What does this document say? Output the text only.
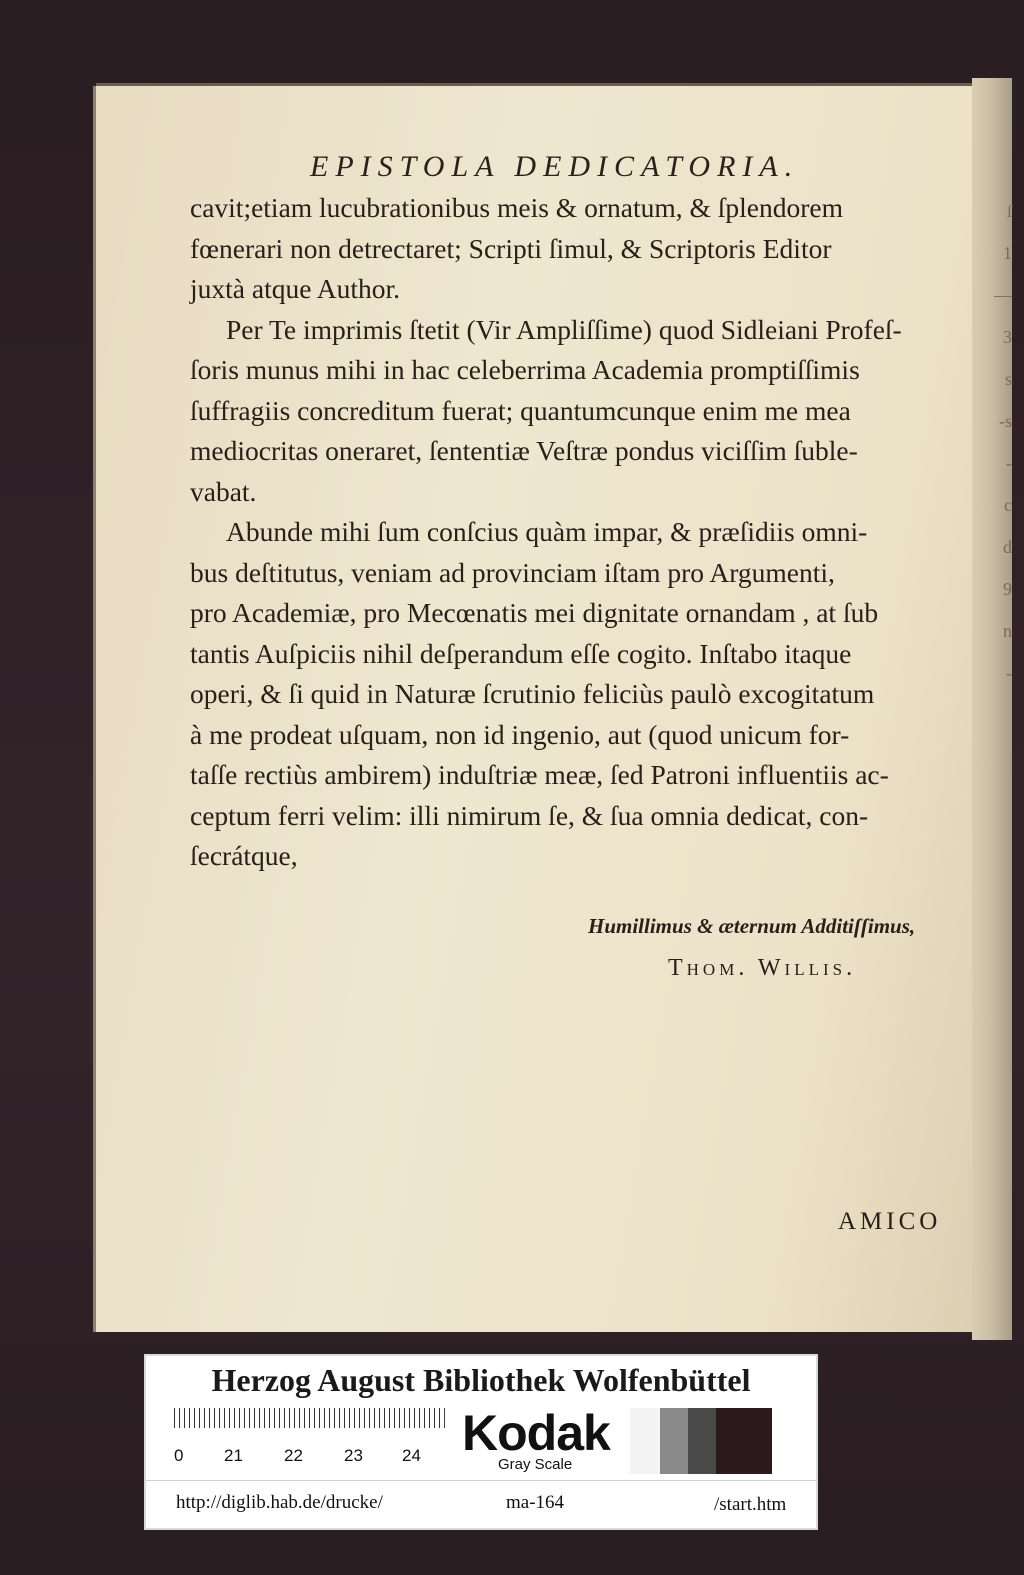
ſ
1
—
3
s
-s
-
c
d
9
n
-
EPISTOLA DEDICATORIA.
cavit;etiam lucubrationibus meis & ornatum, & ſplendorem
fœnerari non detrectaret; Scripti ſimul, & Scriptoris Editor
juxtà atque Author.
Per Te imprimis ſtetit (Vir Ampliſſime) quod Sidleiani Profeſ-
ſoris munus mihi in hac celeberrima Academia promptiſſimis
ſuffragiis concreditum fuerat; quantumcunque enim me mea
mediocritas oneraret, ſententiæ Veſtræ pondus viciſſim ſuble-
vabat.
Abunde mihi ſum conſcius quàm impar, & præſidiis omni-
bus deſtitutus, veniam ad provinciam iſtam pro Argumenti,
pro Academiæ, pro Mecœnatis mei dignitate ornandam , at ſub
tantis Auſpiciis nihil deſperandum eſſe cogito. Inſtabo itaque
operi, & ſi quid in Naturæ ſcrutinio feliciùs paulò excogitatum
à me prodeat uſquam, non id ingenio, aut (quod unicum for-
taſſe rectiùs ambirem) induſtriæ meæ, ſed Patroni influentiis ac-
ceptum ferri velim: illi nimirum ſe, & ſua omnia dedicat, con-
ſecrátque,
Humillimus & æternum Additiſſimus,
Thom. Willis.
AMICO
Herzog August Bibliothek Wolfenbüttel
0 21 22 23 24 Kodak
Gray Scale
http://diglib.hab.de/drucke/	ma-164	/start.htm
